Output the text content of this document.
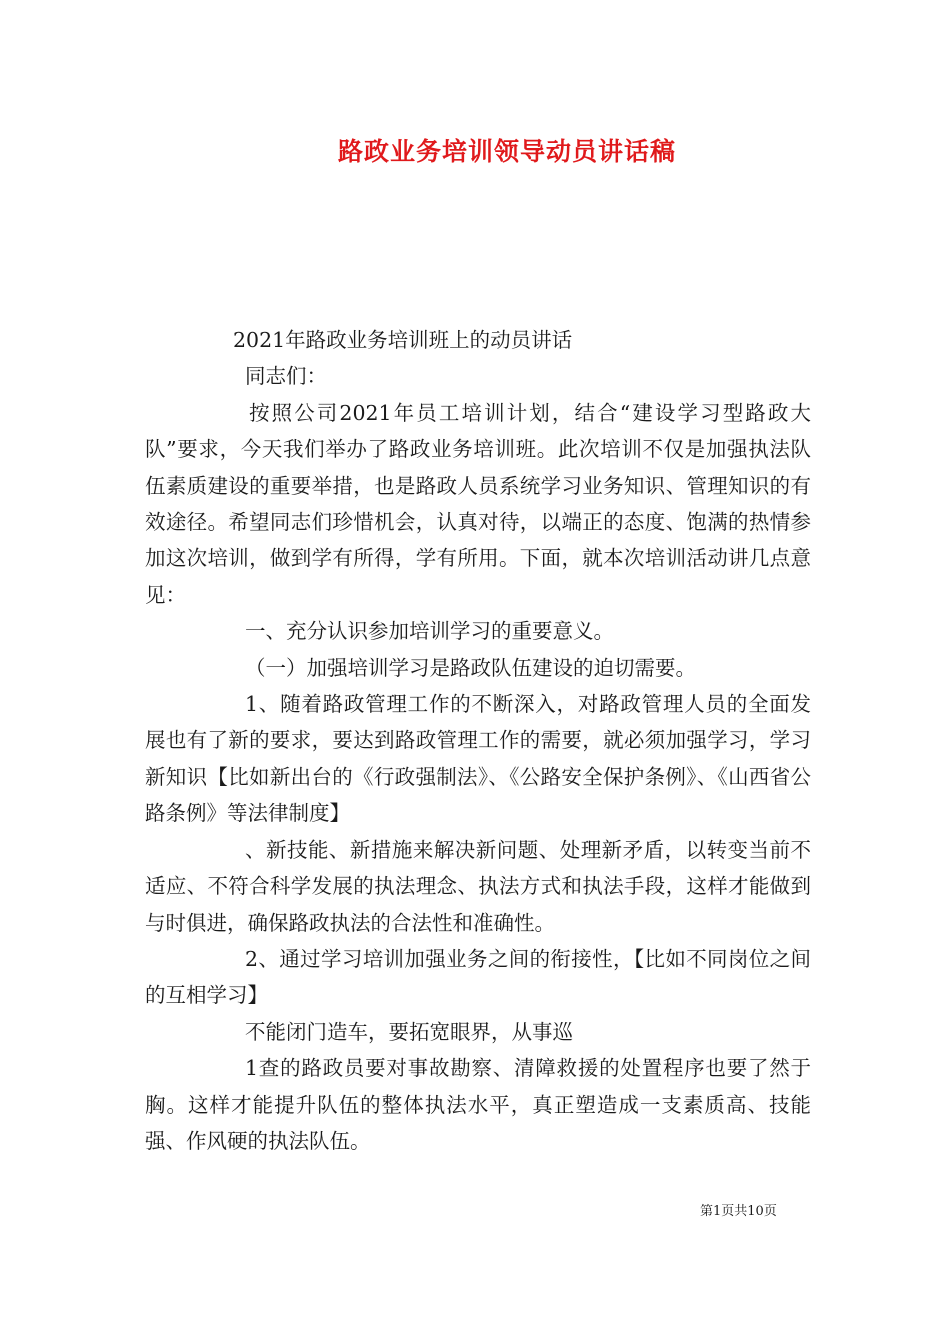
路政业务培训领导动员讲话稿

2021年路政业务培训班上的动员讲话

同志们：

按照公司2021年员工培训计划，结合“建设学习型路政大队”要求，今天我们举办了路政业务培训班。此次培训不仅是加强执法队伍素质建设的重要举措，也是路政人员系统学习业务知识、管理知识的有效途径。希望同志们珍惜机会，认真对待，以端正的态度、饱满的热情参加这次培训，做到学有所得，学有所用。下面，就本次培训活动讲几点意见：

一、充分认识参加培训学习的重要意义。

（一）加强培训学习是路政队伍建设的迫切需要。

1、随着路政管理工作的不断深入，对路政管理人员的全面发展也有了新的要求，要达到路政管理工作的需要，就必须加强学习，学习新知识【比如新出台的《行政强制法》、《公路安全保护条例》、《山西省公路条例》等法律制度】

、新技能、新措施来解决新问题、处理新矛盾，以转变当前不适应、不符合科学发展的执法理念、执法方式和执法手段，这样才能做到与时俱进，确保路政执法的合法性和准确性。

2、通过学习培训加强业务之间的衔接性，【比如不同岗位之间的互相学习】

不能闭门造车，要拓宽眼界，从事巡

1查的路政员要对事故勘察、清障救援的处置程序也要了然于胸。这样才能提升队伍的整体执法水平，真正塑造成一支素质高、技能强、作风硬的执法队伍。

第1页共10页
